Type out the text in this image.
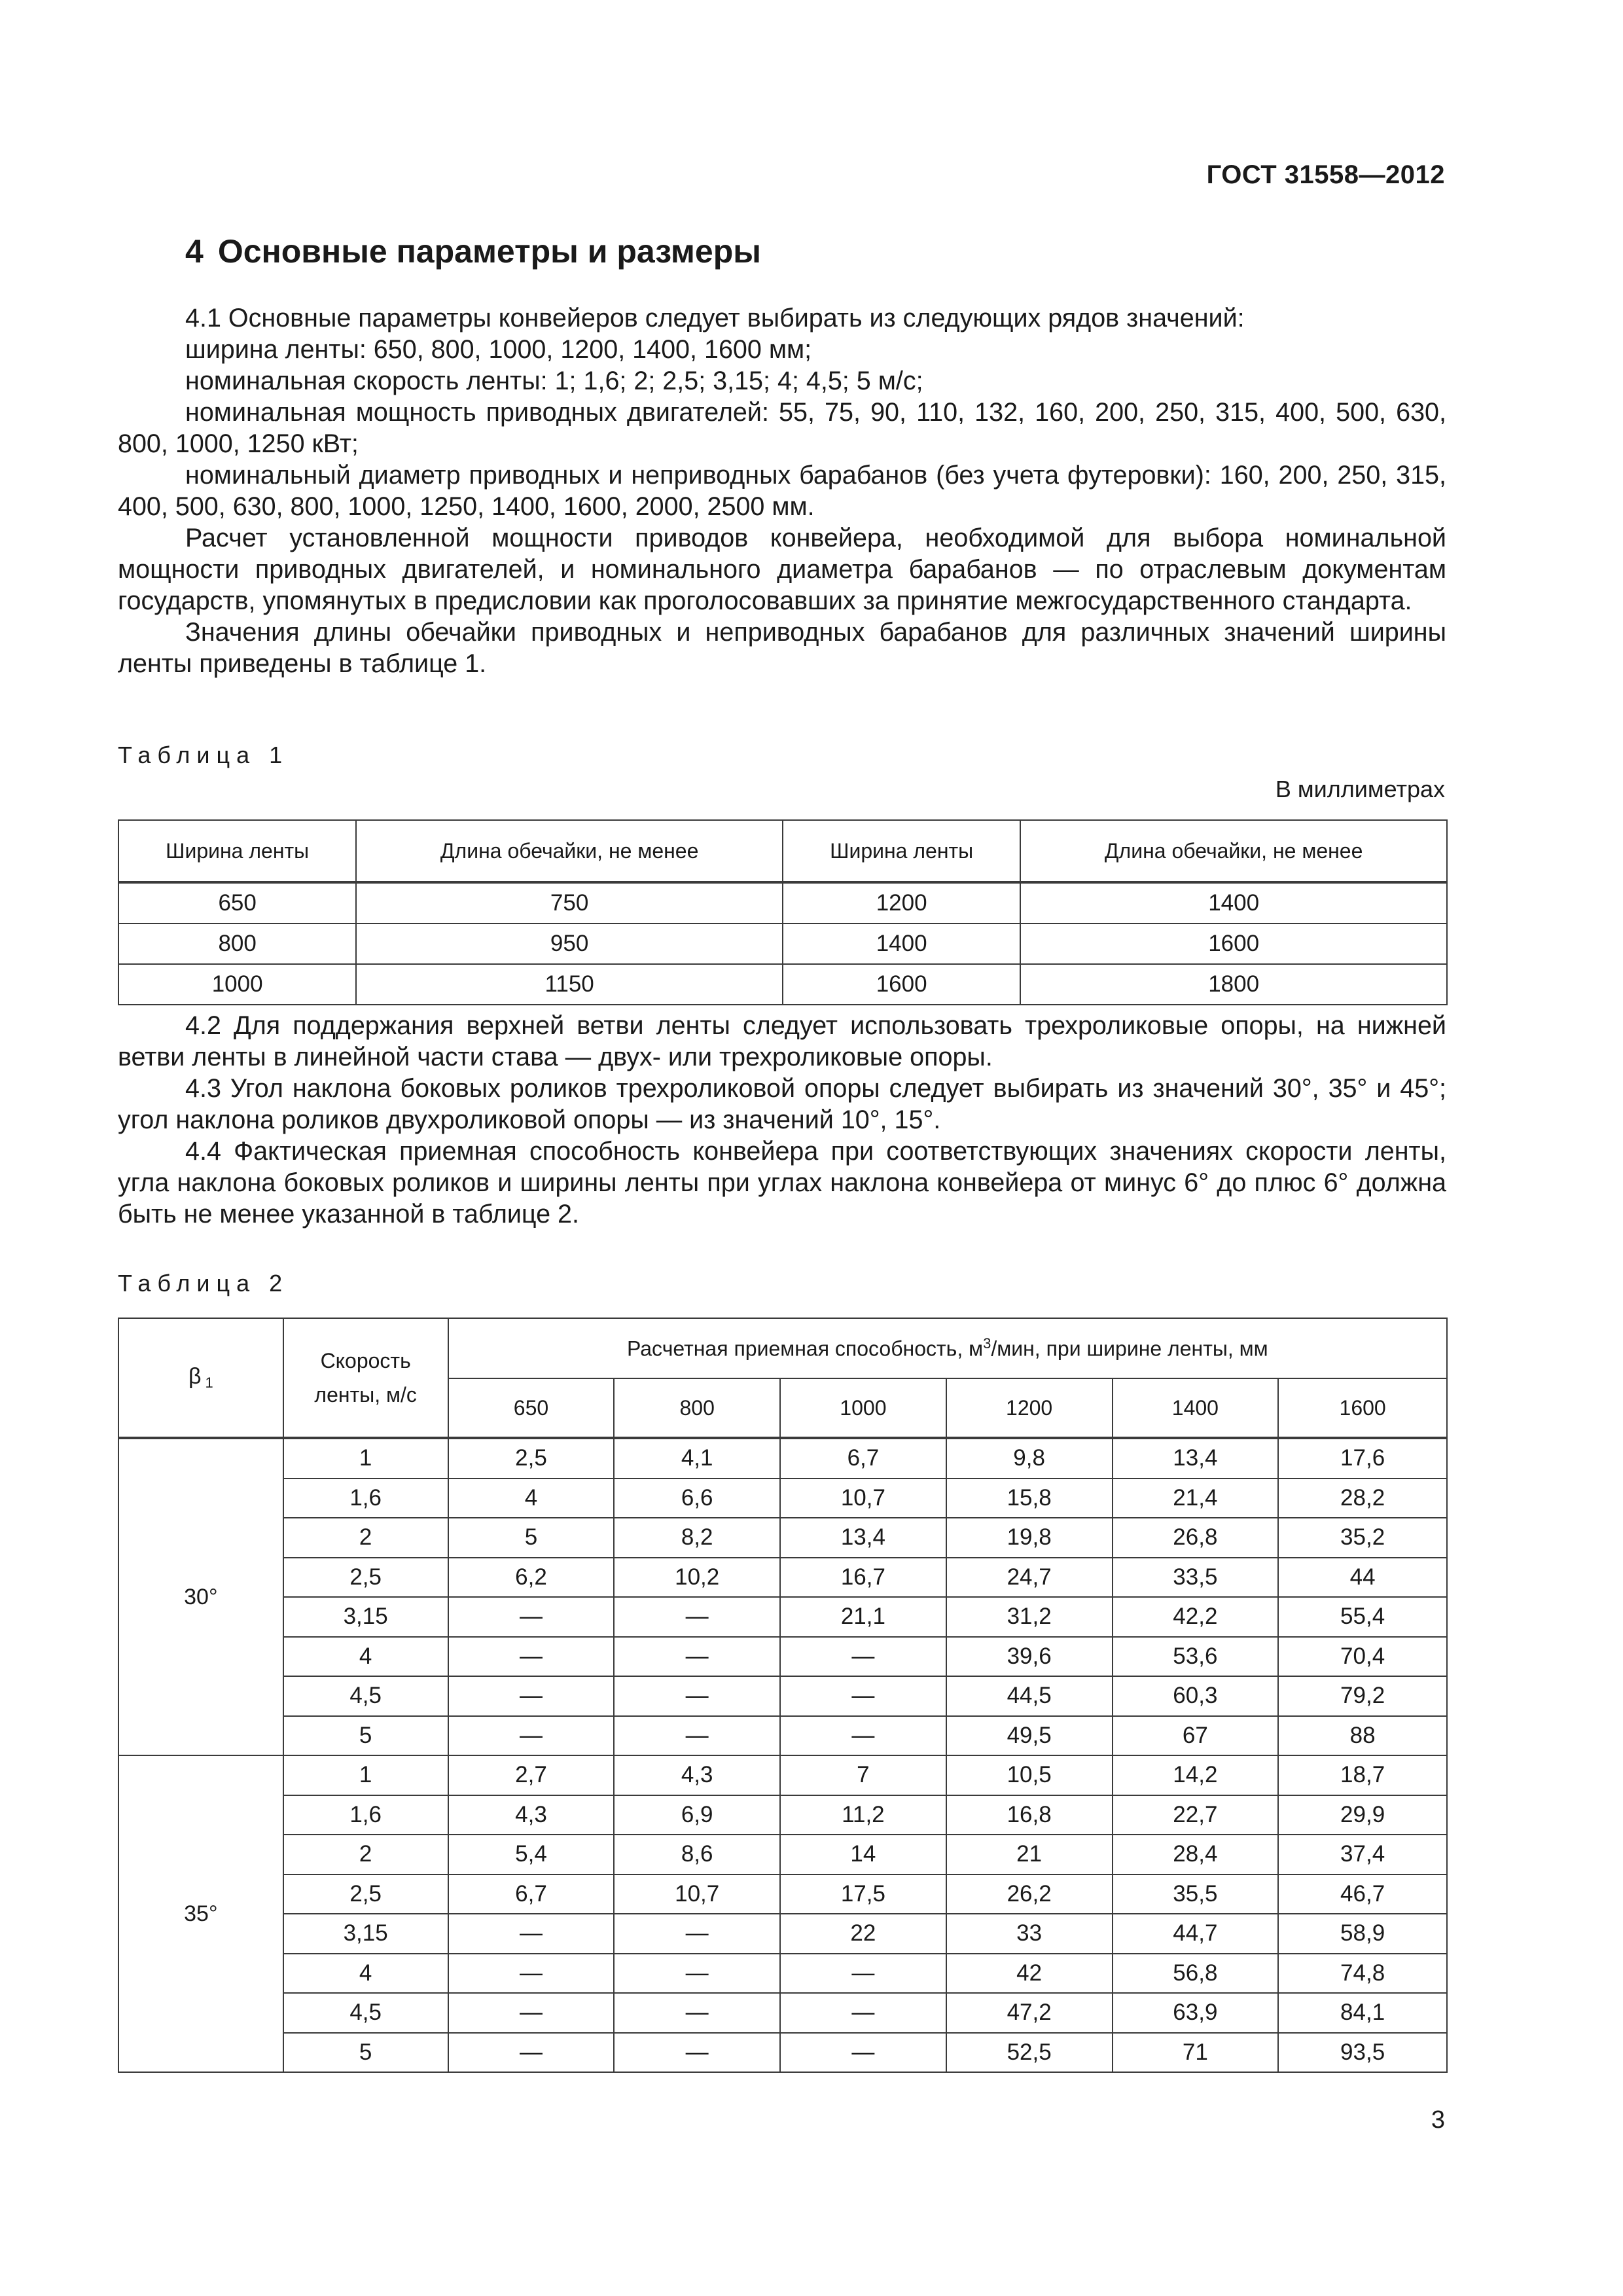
ГОСТ 31558—2012
4 Основные параметры и размеры

4.1 Основные параметры конвейеров следует выбирать из следующих рядов значений:

ширина ленты: 650, 800, 1000, 1200, 1400, 1600 мм;

номинальная скорость ленты: 1; 1,6; 2; 2,5; 3,15; 4; 4,5; 5 м/с;

номинальная мощность приводных двигателей: 55, 75, 90, 110, 132, 160, 200, 250, 315, 400, 500, 630, 800, 1000, 1250 кВт;

номинальный диаметр приводных и неприводных барабанов (без учета футеровки): 160, 200, 250, 315, 400, 500, 630, 800, 1000, 1250, 1400, 1600, 2000, 2500 мм.

Расчет установленной мощности приводов конвейера, необходимой для выбора номинальной мощности приводных двигателей, и номинального диаметра барабанов — по отраслевым документам государств, упомянутых в предисловии как проголосовавших за принятие межгосударственного стандарта.

Значения длины обечайки приводных и неприводных барабанов для различных значений ширины ленты приведены в таблице 1.

Таблица 1
В миллиметрах
Ширина ленты	Длина обечайки, не менее	Ширина ленты	Длина обечайки, не менее
650	750	1200	1400
800	950	1400	1600
1000	1150	1600	1800

4.2 Для поддержания верхней ветви ленты следует использовать трехроликовые опоры, на нижней ветви ленты в линейной части става — двух- или трехроликовые опоры.

4.3 Угол наклона боковых роликов трехроликовой опоры следует выбирать из значений 30°, 35° и 45°; угол наклона роликов двухроликовой опоры — из значений 10°, 15°.

4.4 Фактическая приемная способность конвейера при соответствующих значениях скорости ленты, угла наклона боковых роликов и ширины ленты при углах наклона конвейера от минус 6° до плюс 6° должна быть не менее указанной в таблице 2.

Таблица 2
β 1	Скорость ленты, м/с	Расчетная приемная способность, $м^3$/мин, при ширине ленты, мм					
		650	800	1000	1200	1400	1600
30°	1	2,5	4,1	6,7	9,8	13,4	17,6
	1,6	4	6,6	10,7	15,8	21,4	28,2
	2	5	8,2	13,4	19,8	26,8	35,2
	2,5	6,2	10,2	16,7	24,7	33,5	44
	3,15	—	—	21,1	31,2	42,2	55,4
	4	—	—	—	39,6	53,6	70,4
	4,5	—	—	—	44,5	60,3	79,2
	5	—	—	—	49,5	67	88
35°	1	2,7	4,3	7	10,5	14,2	18,7
	1,6	4,3	6,9	11,2	16,8	22,7	29,9
	2	5,4	8,6	14	21	28,4	37,4
	2,5	6,7	10,7	17,5	26,2	35,5	46,7
	3,15	—	—	22	33	44,7	58,9
	4	—	—	—	42	56,8	74,8
	4,5	—	—	—	47,2	63,9	84,1
	5	—	—	—	52,5	71	93,5
3
